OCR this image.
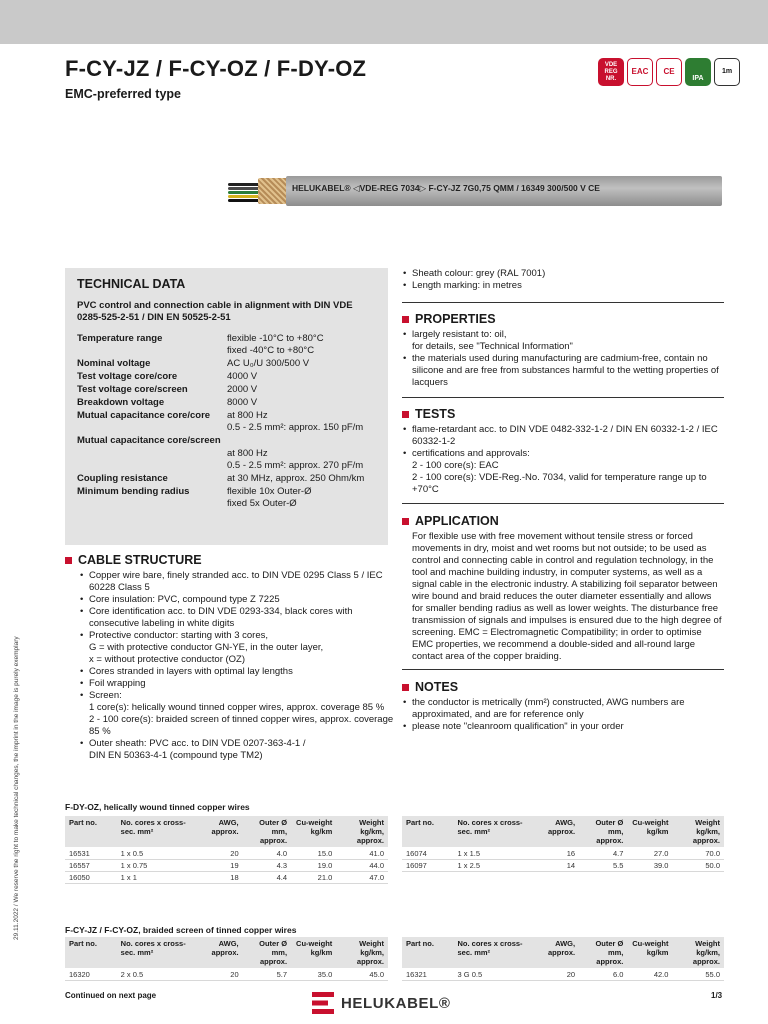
F-CY-JZ / F-CY-OZ / F-DY-OZ
EMC-preferred type
VDE REG NR.
EAC	CE
IPA
1m
HELUKABEL® ◁VDE-REG 7034▷ F-CY-JZ 7G0,75 QMM / 16349 300/500 V CE
TECHNICAL DATA
PVC control and connection cable in alignment with DIN VDE 0285-525-2-51 / DIN EN 50525-2-51
Temperature range	flexible -10°C to +80°C
fixed -40°C to +80°C
Nominal voltage	AC U₀/U 300/500 V
Test voltage core/core	4000 V
Test voltage core/screen	2000 V
Breakdown voltage	8000 V
Mutual capacitance core/core	at 800 Hz
0.5 - 2.5 mm²: approx. 150 pF/m
Mutual capacitance core/screen
at 800 Hz
0.5 - 2.5 mm²: approx. 270 pF/m
Coupling resistance	at 30 MHz, approx. 250 Ohm/km
Minimum bending radius	flexible 10x Outer-Ø
fixed 5x Outer-Ø
CABLE STRUCTURE
• Copper wire bare, finely stranded acc. to DIN VDE 0295 Class 5 / IEC 60228 Class 5
• Core insulation: PVC, compound type Z 7225
• Core identification acc. to DIN VDE 0293-334, black cores with consecutive labeling in white digits
• Protective conductor: starting with 3 cores,
G = with protective conductor GN-YE, in the outer layer,
x = without protective conductor (OZ)
• Cores stranded in layers with optimal lay lengths
• Foil wrapping
• Screen:
1 core(s): helically wound tinned copper wires, approx. coverage 85 %
2 - 100 core(s): braided screen of tinned copper wires, approx. coverage 85 %
• Outer sheath: PVC acc. to DIN VDE 0207-363-4-1 /
DIN EN 50363-4-1 (compound type TM2)
• Sheath colour: grey (RAL 7001)
• Length marking: in metres
PROPERTIES
• largely resistant to: oil,
for details, see "Technical Information"
• the materials used during manufacturing are cadmium-free, contain no silicone and are free from substances harmful to the wetting properties of lacquers
TESTS
• flame-retardant acc. to DIN VDE 0482-332-1-2 / DIN EN 60332-1-2 / IEC 60332-1-2
• certifications and approvals:
2 - 100 core(s): EAC
2 - 100 core(s): VDE-Reg.-No. 7034, valid for temperature range up to +70°C
APPLICATION
For flexible use with free movement without tensile stress or forced movements in dry, moist and wet rooms but not outside; to be used as control and connecting cable in control and regulation technology, in the tool and machine building industry, in computer systems, as well as a signal cable in the electronic industry. A stabilizing foil separator between wire bound and braid reduces the outer diameter essentially and allows for smaller bending radius as well as lower weights. The disturbance free transmission of signals and impulses is ensured due to the high degree of screening. EMC = Electromagnetic Compatibility; in order to optimise EMC properties, we recommend a double-sided and all-round large contact area of the copper braiding.
NOTES
• the conductor is metrically (mm²) constructed, AWG numbers are approximated, and are for reference only
• please note "cleanroom qualification" in your order
29.11.2022 / We reserve the right to make technical changes, the imprint in the image is purely exemplary	F-DY-OZ, helically wound tinned copper wires
Part no.	No. cores x cross-sec. mm²	AWG, approx.	Outer Ø mm, approx.	Cu-weight kg/km	Weight kg/km, approx.
16531	1 x 0.5	20	4.0	15.0	41.0
16557	1 x 0.75	19	4.3	19.0	44.0
16050	1 x 1	18	4.4	21.0	47.0
Part no.	No. cores x cross-sec. mm²	AWG, approx.	Outer Ø mm, approx.	Cu-weight kg/km	Weight kg/km, approx.
16074	1 x 1.5	16	4.7	27.0	70.0
16097	1 x 2.5	14	5.5	39.0	50.0
F-CY-JZ / F-CY-OZ, braided screen of tinned copper wires
Part no.	No. cores x cross-sec. mm²	AWG, approx.	Outer Ø mm, approx.	Cu-weight kg/km	Weight kg/km, approx.
16320	2 x 0.5	20	5.7	35.0	45.0
Part no.	No. cores x cross-sec. mm²	AWG, approx.	Outer Ø mm, approx.	Cu-weight kg/km	Weight kg/km, approx.
16321	3 G 0.5	20	6.0	42.0	55.0
Continued on next page	HELUKABEL®	1/3
